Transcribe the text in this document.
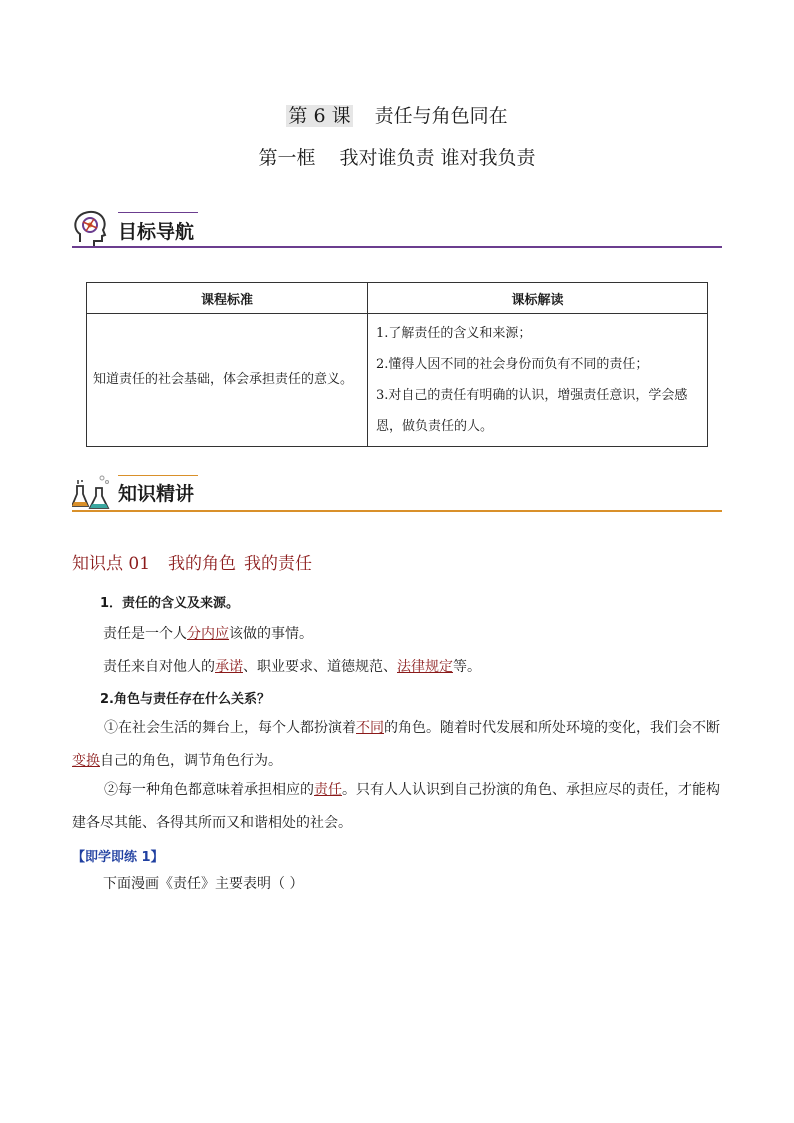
第 6 课 责任与角色同在
第一框 我对谁负责 谁对我负责
目标导航
课程标准	课标解读
知道责任的社会基础，体会承担责任的意义。	1.了解责任的含义和来源；
2.懂得人因不同的社会身份而负有不同的责任；
3.对自己的责任有明确的认识，增强责任意识，学会感恩，做负责任的人。
知识精讲
知识点 01 我的角色 我的责任
1．责任的含义及来源。
责任是一个人分内应该做的事情。
责任来自对他人的承诺、职业要求、道德规范、法律规定等。
2.角色与责任存在什么关系？
①在社会生活的舞台上，每个人都扮演着不同的角色。随着时代发展和所处环境的变化，我们会不断变换自己的角色，调节角色行为。
②每一种角色都意味着承担相应的责任。只有人人认识到自己扮演的角色、承担应尽的责任，才能构建各尽其能、各得其所而又和谐相处的社会。
【即学即练 1】
下面漫画《责任》主要表明（ ）
